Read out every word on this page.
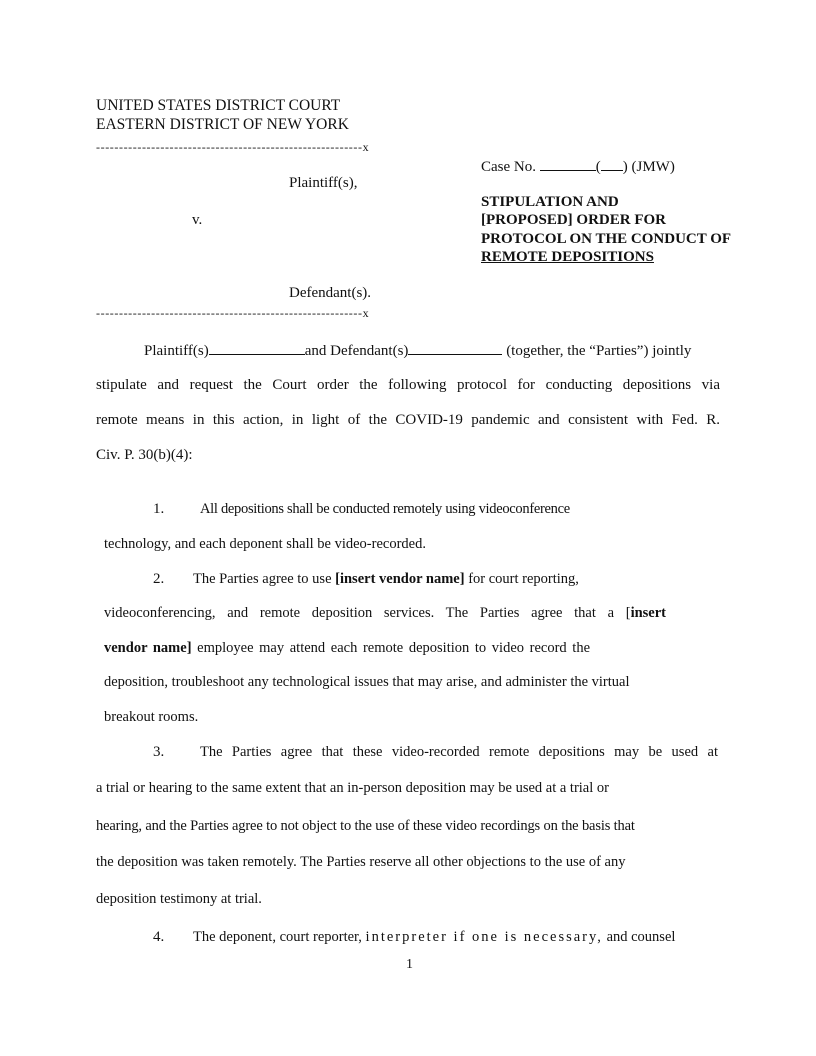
UNITED STATES DISTRICT COURT
EASTERN DISTRICT OF NEW YORK
----------------------------------------------------------x
Plaintiff(s),
v.
Defendant(s).
----------------------------------------------------------x
Case No.	( ) (JMW)
STIPULATION AND
[PROPOSED] ORDER FOR
PROTOCOL ON THE CONDUCT OF
REMOTE DEPOSITIONS
Plaintiff(s)	and Defendant(s)	(together, the “Parties”) jointly
stipulate and request the Court order the following protocol for conducting depositions via
remote means in this action, in light of the COVID-19 pandemic and consistent with Fed. R.
Civ. P. 30(b)(4):
1. All depositions shall be conducted remotely using videoconference
technology, and each deponent shall be video-recorded.
2. The Parties agree to use [insert vendor name] for court reporting,
videoconferencing, and remote deposition services. The Parties agree that a [insert
vendor name] employee may attend each remote deposition to video record the
deposition, troubleshoot any technological issues that may arise, and administer the virtual
breakout rooms.
3. The Parties agree that these video-recorded remote depositions may be used at
a trial or hearing to the same extent that an in-person deposition may be used at a trial or
hearing, and the Parties agree to not object to the use of these video recordings on the basis that
the deposition was taken remotely. The Parties reserve all other objections to the use of any
deposition testimony at trial.
4. The deponent, court reporter, interpreter if one is necessary, and counsel
1
